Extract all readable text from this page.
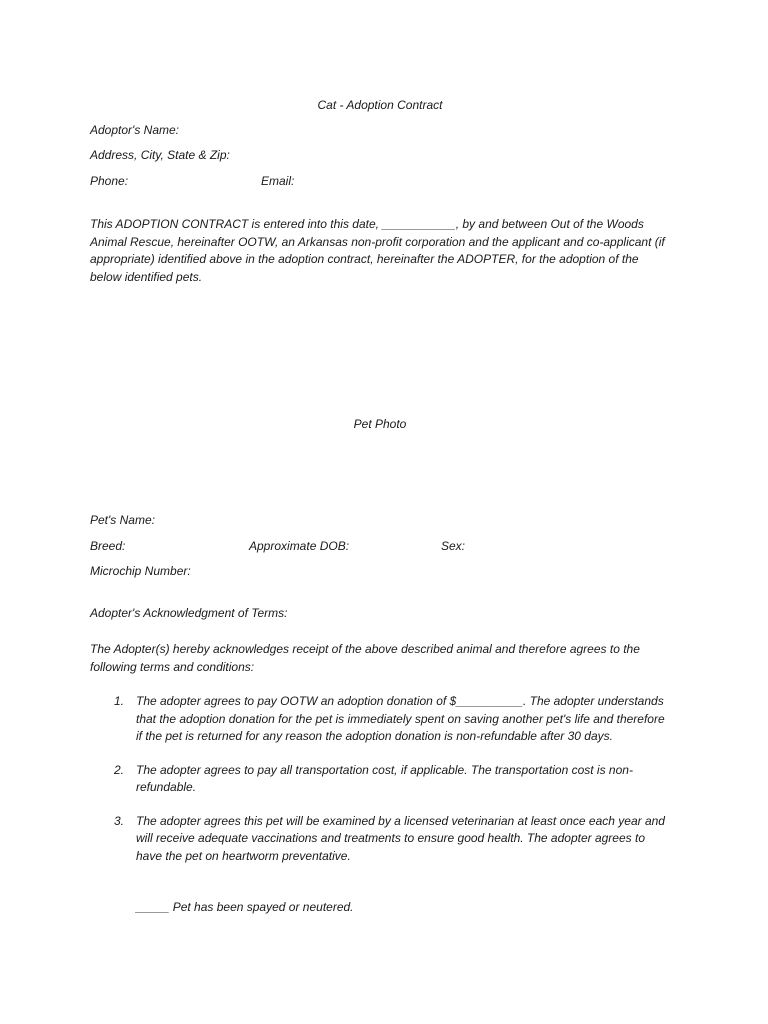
Cat - Adoption Contract
Adoptor's Name:
Address, City, State & Zip:
Phone:	Email:
This ADOPTION CONTRACT is entered into this date, ___________, by and between Out of the Woods Animal Rescue, hereinafter OOTW, an Arkansas non-profit corporation and the applicant and co-applicant (if appropriate) identified above in the adoption contract, hereinafter the ADOPTER, for the adoption of the below identified pets.
Pet Photo
Pet's Name:
Breed:	Approximate DOB:	Sex:
Microchip Number:
Adopter's Acknowledgment of Terms:
The Adopter(s) hereby acknowledges receipt of the above described animal and therefore agrees to the following terms and conditions:
1. The adopter agrees to pay OOTW an adoption donation of $__________. The adopter understands that the adoption donation for the pet is immediately spent on saving another pet's life and therefore if the pet is returned for any reason the adoption donation is non-refundable after 30 days.
2. The adopter agrees to pay all transportation cost, if applicable. The transportation cost is non-refundable.
3. The adopter agrees this pet will be examined by a licensed veterinarian at least once each year and will receive adequate vaccinations and treatments to ensure good health. The adopter agrees to have the pet on heartworm preventative.
_____ Pet has been spayed or neutered.
